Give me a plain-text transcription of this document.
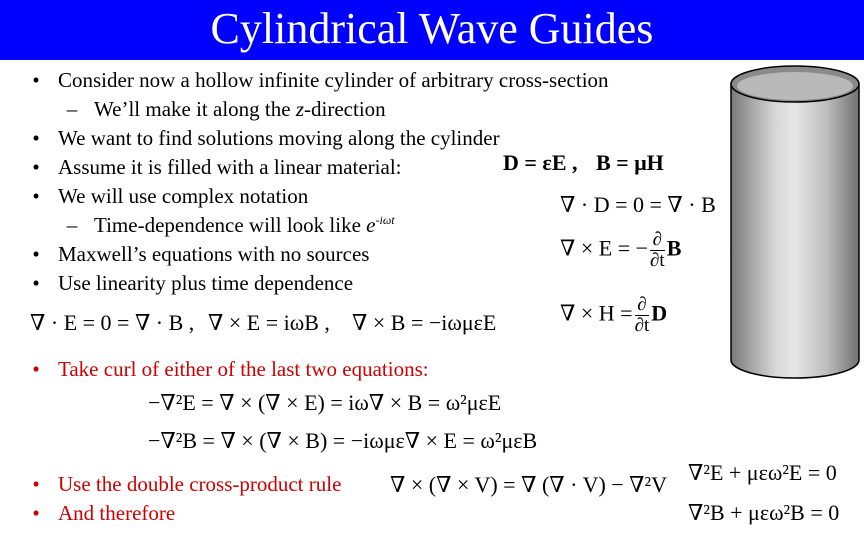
Cylindrical Wave Guides
• Consider now a hollow infinite cylinder of arbitrary cross-section
– We’ll make it along the z-direction
• We want to find solutions moving along the cylinder
• Assume it is filled with a linear material:
• We will use complex notation
– Time-dependence will look like $e^{-i\omega t}$
• Maxwell’s equations with no sources
• Use linearity plus time dependence
• Take curl of either of the last two equations:
• Use the double cross-product rule
• And therefore
D = εE , B = μH
∇ · D = 0 = ∇ · B
∇ × E = − $\frac{\partial}{\partial t}$ B
∇ × $H = \frac{\partial}{\partial t}$ D
∇ · E = 0 = ∇ · B , ∇ × E = iωB , ∇ × B = −iωμεE
−∇²E = ∇ × (∇ × E) = iω∇ × B = ω²μεE
−∇²B = ∇ × (∇ × B) = −iωμε∇ × E = ω²μεB
∇ × (∇ × V) = ∇ (∇ · V) − ∇²V ∇²E + μεω²E = 0
∇²B + μεω²B = 0
